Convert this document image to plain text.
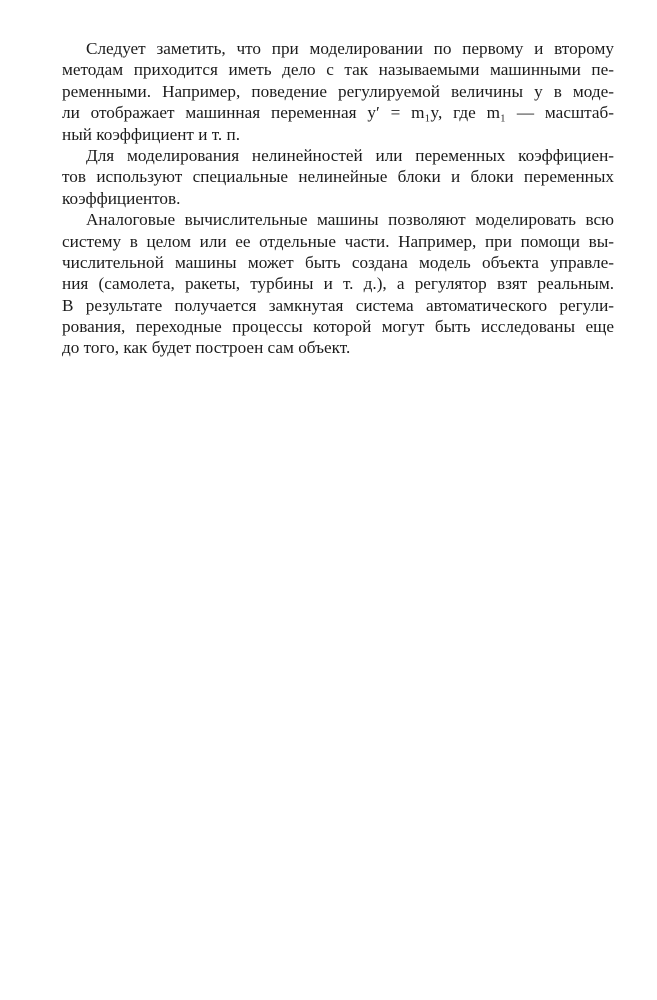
Следует заметить, что при моделировании по первому и второму
методам приходится иметь дело с так называемыми машинными пе-
ременными. Например, поведение регулируемой величины y в моде-
ли отображает машинная переменная y′ = m₁y, где m₁ — масштаб-
ный коэффициент и т. п.
Для моделирования нелинейностей или переменных коэффициен-
тов используют специальные нелинейные блоки и блоки переменных
коэффициентов.
Аналоговые вычислительные машины позволяют моделировать всю
систему в целом или ее отдельные части. Например, при помощи вы-
числительной машины может быть создана модель объекта управле-
ния (самолета, ракеты, турбины и т. д.), а регулятор взят реальным.
В результате получается замкнутая система автоматического регули-
рования, переходные процессы которой могут быть исследованы еще
до того, как будет построен сам объект.
